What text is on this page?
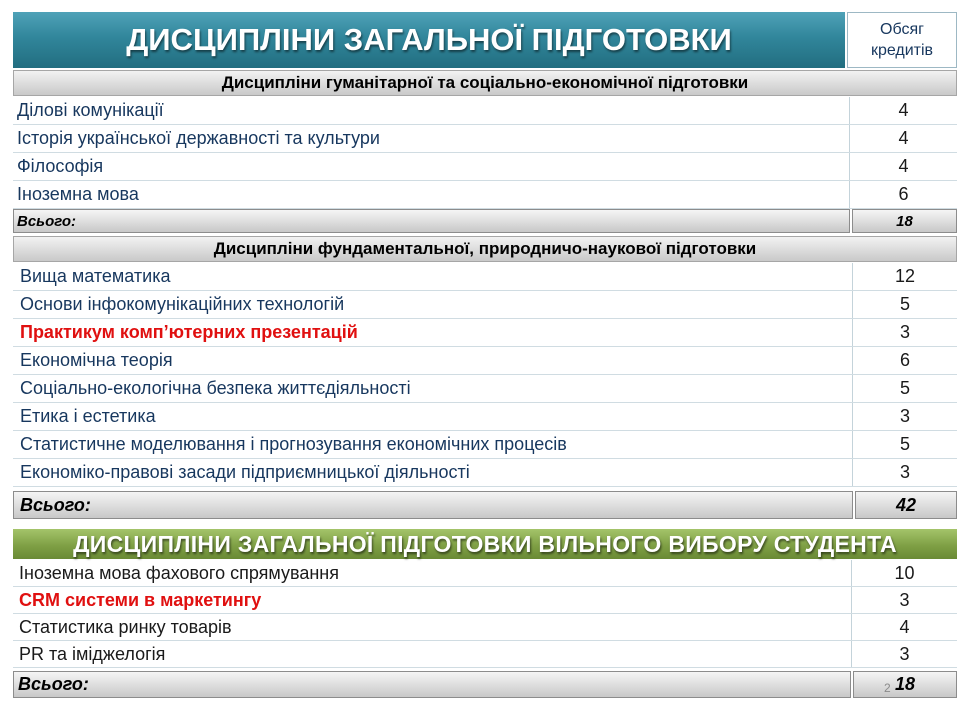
ДИСЦИПЛІНИ ЗАГАЛЬНОЇ ПІДГОТОВКИ	Обсяг
кредитів
Дисципліни гуманітарної та соціально-економічної підготовки
Ділові комунікації	4
Історія української державності та культури	4
Філософія	4
Іноземна мова	6
Всього:	18
Дисципліни фундаментальної, природничо-наукової підготовки
Вища математика	12
Основи інфокомунікаційних технологій	5
Практикум комп’ютерних презентацій	3
Економічна теорія	6
Соціально-екологічна безпека життєдіяльності	5
Етика і естетика	3
Статистичне моделювання і прогнозування економічних процесів	5
Економіко-правові засади підприємницької діяльності	3
Всього:	42
ДИСЦИПЛІНИ ЗАГАЛЬНОЇ ПІДГОТОВКИ ВІЛЬНОГО ВИБОРУ СТУДЕНТА
Іноземна мова фахового спрямування	10
CRM системи в маркетингу	3
Статистика ринку товарів	4
PR та іміджелогія	3
Всього:	18
2
